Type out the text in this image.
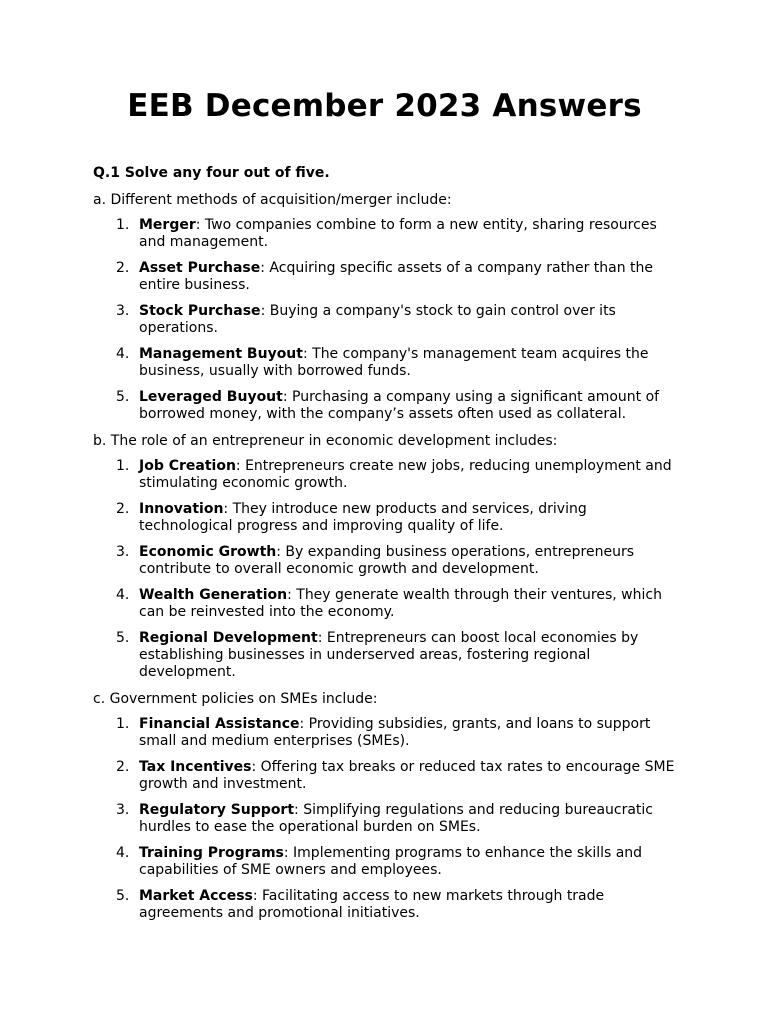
EEB December 2023 Answers

Q.1 Solve any four out of five.

a. Different methods of acquisition/merger include:

1. Merger: Two companies combine to form a new entity, sharing resources and management.
2. Asset Purchase: Acquiring specific assets of a company rather than the entire business.
3. Stock Purchase: Buying a company's stock to gain control over its operations.
4. Management Buyout: The company's management team acquires the business, usually with borrowed funds.
5. Leveraged Buyout: Purchasing a company using a significant amount of borrowed money, with the company’s assets often used as collateral.

b. The role of an entrepreneur in economic development includes:

1. Job Creation: Entrepreneurs create new jobs, reducing unemployment and stimulating economic growth.
2. Innovation: They introduce new products and services, driving technological progress and improving quality of life.
3. Economic Growth: By expanding business operations, entrepreneurs contribute to overall economic growth and development.
4. Wealth Generation: They generate wealth through their ventures, which can be reinvested into the economy.
5. Regional Development: Entrepreneurs can boost local economies by establishing businesses in underserved areas, fostering regional development.

c. Government policies on SMEs include:

1. Financial Assistance: Providing subsidies, grants, and loans to support small and medium enterprises (SMEs).
2. Tax Incentives: Offering tax breaks or reduced tax rates to encourage SME growth and investment.
3. Regulatory Support: Simplifying regulations and reducing bureaucratic hurdles to ease the operational burden on SMEs.
4. Training Programs: Implementing programs to enhance the skills and capabilities of SME owners and employees.
5. Market Access: Facilitating access to new markets through trade agreements and promotional initiatives.
